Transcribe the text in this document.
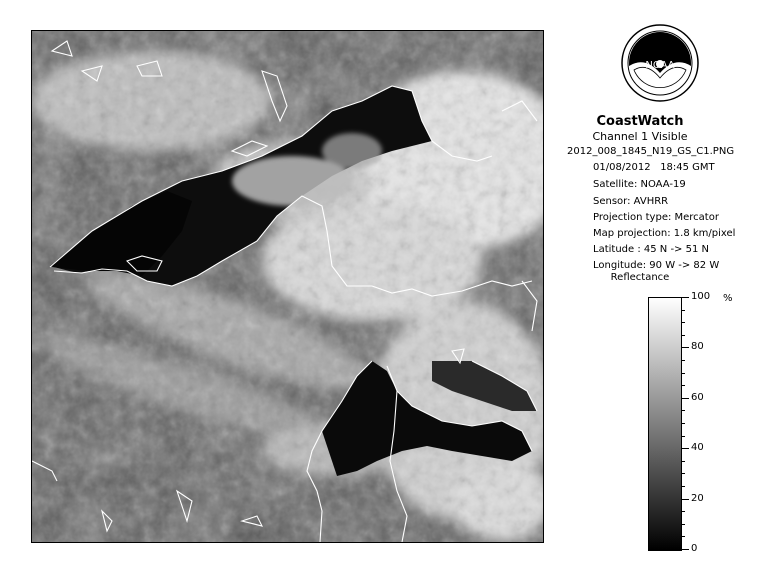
NOAA
CoastWatch
Channel 1 Visible
2012_008_1845_N19_GS_C1.PNG
01/08/2012 18:45 GMT
Satellite: NOAA-19
Sensor: AVHRR
Projection type: Mercator
Map projection: 1.8 km/pixel
Latitude : 45 N -> 51 N
Longitude: 90 W -> 82 W
Reflectance
%
0
20
40
60
80
100
